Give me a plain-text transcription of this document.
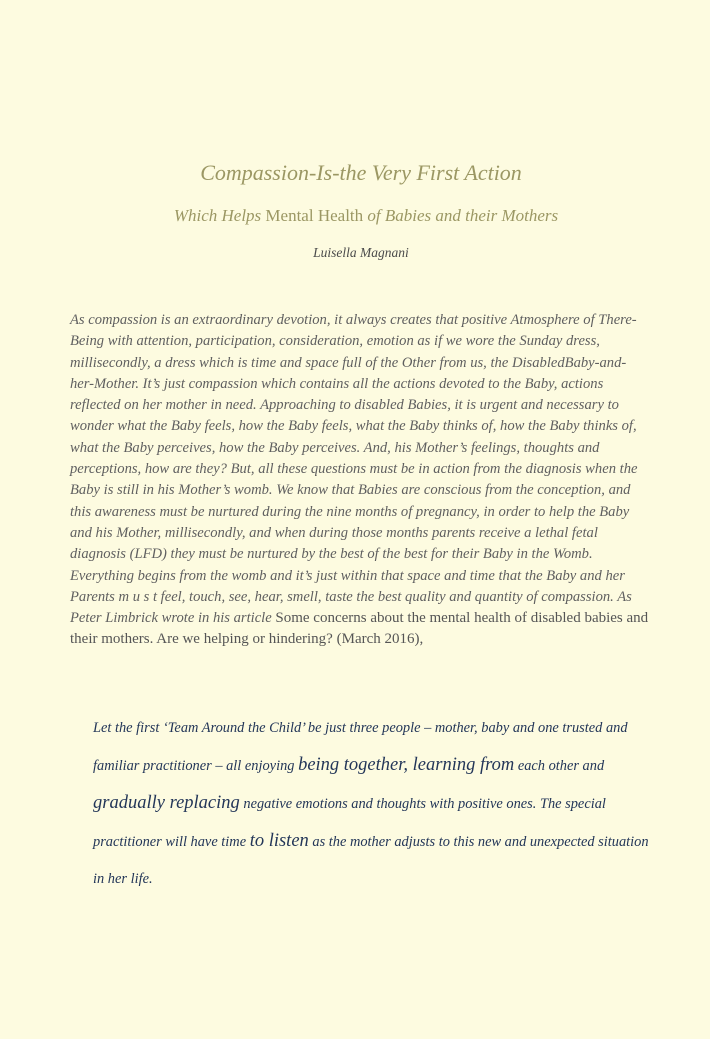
Compassion-Is-the Very First Action
Which Helps Mental Health of Babies and their Mothers
Luisella Magnani
As compassion is an extraordinary devotion, it always creates that positive Atmosphere of There-Being with attention, participation, consideration, emotion as if we wore the Sunday dress, millisecondly, a dress which is time and space full of the Other from us, the DisabledBaby-and-her-Mother. It’s just compassion which contains all the actions devoted to the Baby, actions reflected on her mother in need. Approaching to disabled Babies, it is urgent and necessary to wonder what the Baby feels, how the Baby feels, what the Baby thinks of, how the Baby thinks of, what the Baby perceives, how the Baby perceives. And, his Mother’s feelings, thoughts and perceptions, how are they? But, all these questions must be in action from the diagnosis when the Baby is still in his Mother’s womb. We know that Babies are conscious from the conception, and this awareness must be nurtured during the nine months of pregnancy, in order to help the Baby and his Mother, millisecondly, and when during those months parents receive a lethal fetal diagnosis (LFD) they must be nurtured by the best of the best for their Baby in the Womb. Everything begins from the womb and it’s just within that space and time that the Baby and her Parents m u s t feel, touch, see, hear, smell, taste the best quality and quantity of compassion. As Peter Limbrick wrote in his article Some concerns about the mental health of disabled babies and their mothers. Are we helping or hindering? (March 2016),
Let the first ‘Team Around the Child’ be just three people – mother, baby and one trusted and familiar practitioner – all enjoying being together, learning from each other and gradually replacing negative emotions and thoughts with positive ones. The special practitioner will have time to listen as the mother adjusts to this new and unexpected situation in her life.
